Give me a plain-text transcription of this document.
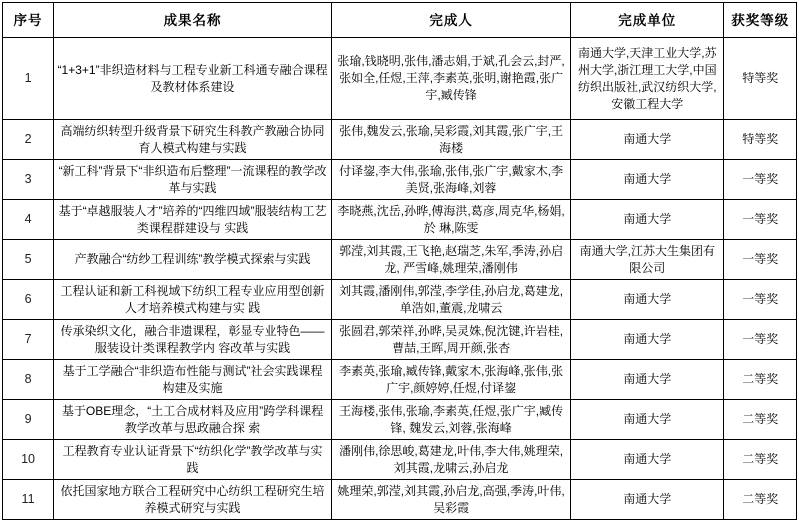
序号	成果名称	完成人	完成单位	获奖等级
1	“1+3+1”非织造材料与工程专业新工科通专融合课程及教材体系建设	张瑜,钱晓明,张伟,潘志娟,于斌,孔会云,封严,张如全,任煜,王萍,李素英,张明,谢艳霞,张广宇,臧传锋	南通大学,天津工业大学,苏州大学,浙江理工大学,中国纺织出版社,武汉纺织大学,安徽工程大学	特等奖
2	高端纺织转型升级背景下研究生科教产教融合协同育人模式构建与实践	张伟,魏发云,张瑜,吴彩霞,刘其霞,张广宇,王海楼	南通大学	特等奖
3	“新工科”背景下“非织造布后整理”一流课程的教学改革与实践	付译鋆,李大伟,张瑜,张伟,张广宇,戴家木,李美贤,张海峰,刘蓉	南通大学	一等奖
4	基于“卓越服装人才”培养的“四维四域”服装结构工艺类课程群建设与 实践	李晓燕,沈岳,孙晔,傅海洪,葛彦,周克华,杨娟,於 琳,陈雯	南通大学	一等奖
5	产教融合“纺纱工程训练”教学模式探索与实践	郭滢,刘其霞,王飞艳,赵瑞芝,朱军,季涛,孙启龙, 严雪峰,姚理荣,潘刚伟	南通大学,江苏大生集团有限公司	一等奖
6	工程认证和新工科视域下纺织工程专业应用型创新人才培养模式构建与实 践	刘其霞,潘刚伟,郭滢,李学佳,孙启龙,葛建龙,单浩如,董震,龙啸云	南通大学	一等奖
7	传承染织文化，融合非遗课程，彰显专业特色——服装设计类课程教学内 容改革与实践	张圆君,郭荣祥,孙晔,吴灵姝,倪沈键,许岩桂,曹喆,王晖,周开颜,张杏	南通大学	一等奖
8	基于工学融合“非织造布性能与测试”社会实践课程构建及实施	李素英,张瑜,臧传锋,戴家木,张海峰,张伟,张广宇,颜婷婷,任煜,付译鋆	南通大学	二等奖
9	基于OBE理念，“土工合成材料及应用”跨学科课程教学改革与思政融合探 索	王海楼,张伟,张瑜,李素英,任煜,张广宇,臧传锋, 魏发云,刘蓉,张海峰	南通大学	二等奖
10	工程教育专业认证背景下“纺织化学”教学改革与实践	潘刚伟,徐思峻,葛建龙,叶伟,李大伟,姚理荣,刘其霞,龙啸云,孙启龙	南通大学	二等奖
11	依托国家地方联合工程研究中心纺织工程研究生培养模式研究与实践	姚理荣,郭滢,刘其霞,孙启龙,高强,季涛,叶伟,吴彩霞	南通大学	二等奖
